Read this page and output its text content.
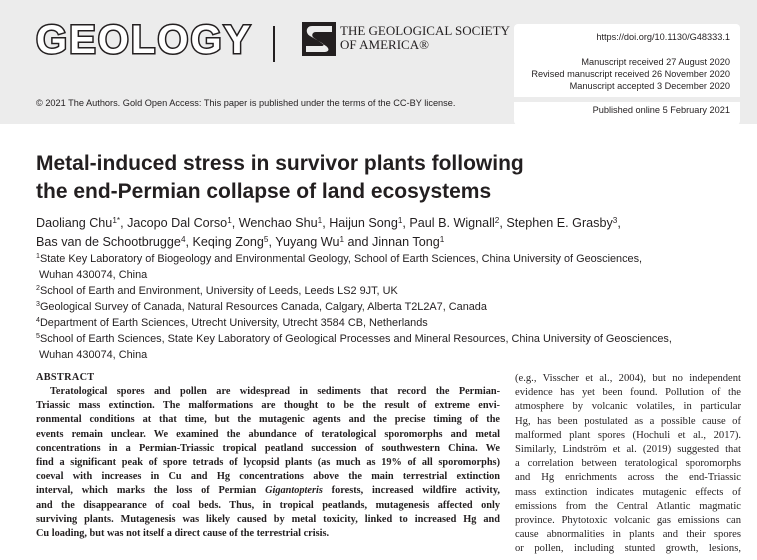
GEOLOGY	THE GEOLOGICAL SOCIETY
OF AMERICA®	https://doi.org/10.1130/G48333.1
Manuscript received 27 August 2020
Revised manuscript received 26 November 2020
Manuscript accepted 3 December 2020
Published online 5 February 2021
© 2021 The Authors. Gold Open Access: This paper is published under the terms of the CC-BY license.
Metal-induced stress in survivor plants following
the end-Permian collapse of land ecosystems
Daoliang Chu$^{1*}$, Jacopo Dal Corso$^1$, Wenchao Shu$^1$, Haijun Song$^1$, Paul B. Wignall$^2$, Stephen E. Grasby$^3$,
Bas van de Schootbrugge$^4$, Keqing Zong$^5$, Yuyang Wu$^1$ and Jinnan Tong$^1$
$^1$State Key Laboratory of Biogeology and Environmental Geology, School of Earth Sciences, China University of Geosciences,
Wuhan 430074, China
$^2$School of Earth and Environment, University of Leeds, Leeds LS2 9JT, UK
$^3$Geological Survey of Canada, Natural Resources Canada, Calgary, Alberta T2L2A7, Canada
$^4$Department of Earth Sciences, Utrecht University, Utrecht 3584 CB, Netherlands
$^5$School of Earth Sciences, State Key Laboratory of Geological Processes and Mineral Resources, China University of Geosciences,
Wuhan 430074, China
ABSTRACT
Teratological spores and pollen are widespread in sediments that record the Permian-
Triassic mass extinction. The malformations are thought to be the result of extreme envi-
ronmental conditions at that time, but the mutagenic agents and the precise timing of the
events remain unclear. We examined the abundance of teratological sporomorphs and metal
concentrations in a Permian-Triassic tropical peatland succession of southwestern China. We
find a significant peak of spore tetrads of lycopsid plants (as much as 19% of all sporomorphs)
coeval with increases in Cu and Hg concentrations above the main terrestrial extinction
interval, which marks the loss of Permian Gigantopteris forests, increased wildfire activity,
and the disappearance of coal beds. Thus, in tropical peatlands, mutagenesis affected only
surviving plants. Mutagenesis was likely caused by metal toxicity, linked to increased Hg and
Cu loading, but was not itself a direct cause of the terrestrial crisis.
(e.g., Visscher et al., 2004), but no independent
evidence has yet been found. Pollution of the
atmosphere by volcanic volatiles, in particular
Hg, has been postulated as a possible cause of
malformed plant spores (Hochuli et al., 2017).
Similarly, Lindström et al. (2019) suggested that
a correlation between teratological sporomorphs
and Hg enrichments across the end-Triassic
mass extinction indicates mutagenic effects of
emissions from the Central Atlantic magmatic
province. Phytotoxic volcanic gas emissions can
cause abnormalities in plants and their spores
or pollen, including stunted growth, lesions,
